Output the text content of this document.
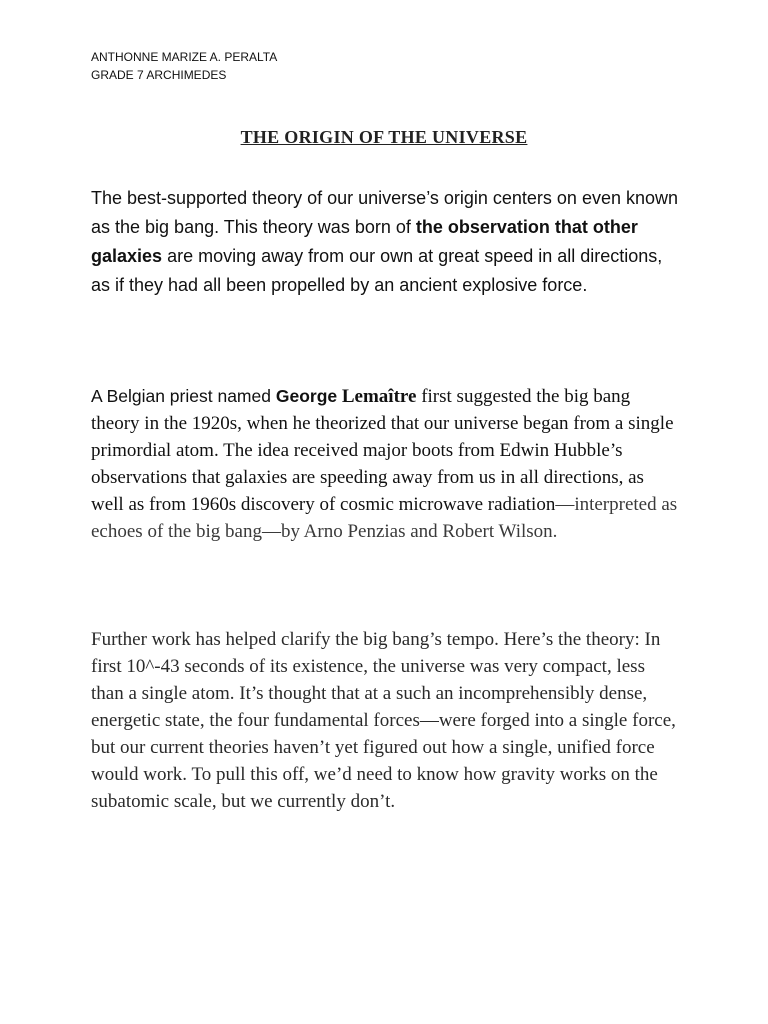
ANTHONNE MARIZE A. PERALTA
GRADE 7 ARCHIMEDES
THE ORIGIN OF THE UNIVERSE

The best-supported theory of our universe’s origin centers on even known as the big bang. This theory was born of the observation that other galaxies are moving away from our own at great speed in all directions, as if they had all been propelled by an ancient explosive force.

A Belgian priest named George Lemaître first suggested the big bang theory in the 1920s, when he theorized that our universe began from a single primordial atom. The idea received major boots from Edwin Hubble’s observations that galaxies are speeding away from us in all directions, as well as from 1960s discovery of cosmic microwave radiation—interpreted as echoes of the big bang—by Arno Penzias and Robert Wilson.

Further work has helped clarify the big bang’s tempo. Here’s the theory: In first 10^-43 seconds of its existence, the universe was very compact, less than a single atom. It’s thought that at a such an incomprehensibly dense, energetic state, the four fundamental forces—were forged into a single force, but our current theories haven’t yet figured out how a single, unified force would work. To pull this off, we’d need to know how gravity works on the subatomic scale, but we currently don’t.
